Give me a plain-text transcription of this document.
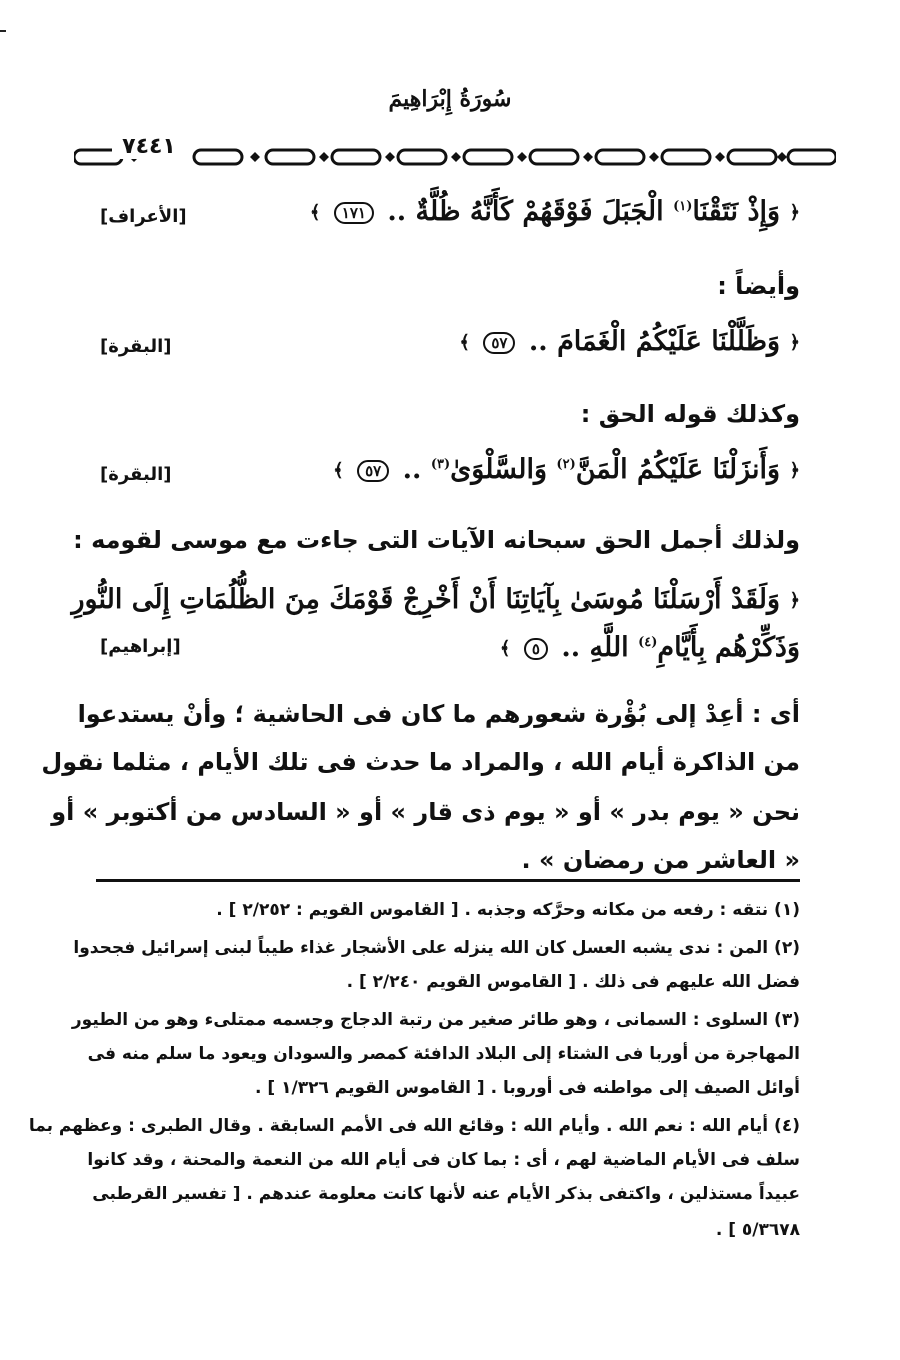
سُورَةُ إِبْرَاهِيمَ
٧٤٤١
﴿ وَإِذْ نَتَقْنَا$^{(١)}$ الْجَبَلَ فَوْقَهُمْ كَأَنَّهُ ظُلَّةٌ .. ١٧١ ﴾
[الأعراف]
وأيضاً :
﴿ وَظَلَّلْنَا عَلَيْكُمُ الْغَمَامَ .. ٥٧ ﴾
[البقرة]
وكذلك قوله الحق :
﴿ وَأَنزَلْنَا عَلَيْكُمُ الْمَنَّ$^{(٢)}$ وَالسَّلْوَىٰ$^{(٣)}$ .. ٥٧ ﴾
[البقرة]
ولذلك أجمل الحق سبحانه الآيات التى جاءت مع موسى لقومه :
﴿ وَلَقَدْ أَرْسَلْنَا مُوسَىٰ بِآيَاتِنَا أَنْ أَخْرِجْ قَوْمَكَ مِنَ الظُّلُمَاتِ إِلَى النُّورِ
وَذَكِّرْهُم بِأَيَّامِ$^{(٤)}$ اللَّهِ .. ٥ ﴾
[إبراهيم]
أى : أعِدْ إلى بُؤْرة شعورهم ما كان فى الحاشية ؛ وأنْ يستدعوا
من الذاكرة أيام الله ، والمراد ما حدث فى تلك الأيام ، مثلما نقول
نحن « يوم بدر » أو « يوم ذى قار » أو « السادس من أكتوبر » أو
« العاشر من رمضان » .
(١) نتقه : رفعه من مكانه وحرَّكه وجذبه . [ القاموس القويم : ٢/٢٥٢ ] .
(٢) المن : ندى يشبه العسل كان الله ينزله على الأشجار غذاء طيباً لبنى إسرائيل فجحدوا
فضل الله عليهم فى ذلك . [ القاموس القويم ٢/٢٤٠ ] .
(٣) السلوى : السمانى ، وهو طائر صغير من رتبة الدجاج وجسمه ممتلىء وهو من الطيور
المهاجرة من أوربا فى الشتاء إلى البلاد الدافئة كمصر والسودان ويعود ما سلم منه فى
أوائل الصيف إلى مواطنه فى أوروبا . [ القاموس القويم ١/٣٢٦ ] .
(٤) أيام الله : نعم الله . وأيام الله : وقائع الله فى الأمم السابقة . وقال الطبرى : وعظهم بما
سلف فى الأيام الماضية لهم ، أى : بما كان فى أيام الله من النعمة والمحنة ، وقد كانوا
عبيداً مستذلين ، واكتفى بذكر الأيام عنه لأنها كانت معلومة عندهم . [ تفسير القرطبى
٥/٣٦٧٨ ] .
